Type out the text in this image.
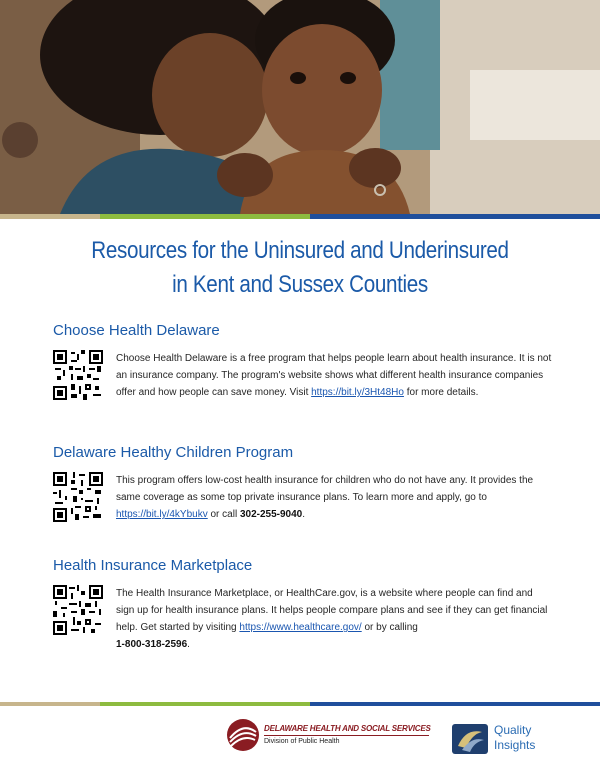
Resources for the Uninsured and Underinsured
in Kent and Sussex Counties
Choose Health Delaware
Choose Health Delaware is a free program that helps people learn about health insurance. It is not an insurance company. The program's website shows what different health insurance companies offer and how people can save money. Visit https://bit.ly/3Ht48Ho for more details.
Delaware Healthy Children Program
This program offers low-cost health insurance for children who do not have any. It provides the same coverage as some top private insurance plans. To learn more and apply, go to https://bit.ly/4kYbukv or call 302-255-9040.
Health Insurance Marketplace
The Health Insurance Marketplace, or HealthCare.gov, is a website where people can find and sign up for health insurance plans. It helps people compare plans and see if they can get financial help. Get started by visiting https://www.healthcare.gov/ or by calling
1-800-318-2596.
DELAWARE HEALTH AND SOCIAL SERVICES
Division of Public Health
Quality
Insights
